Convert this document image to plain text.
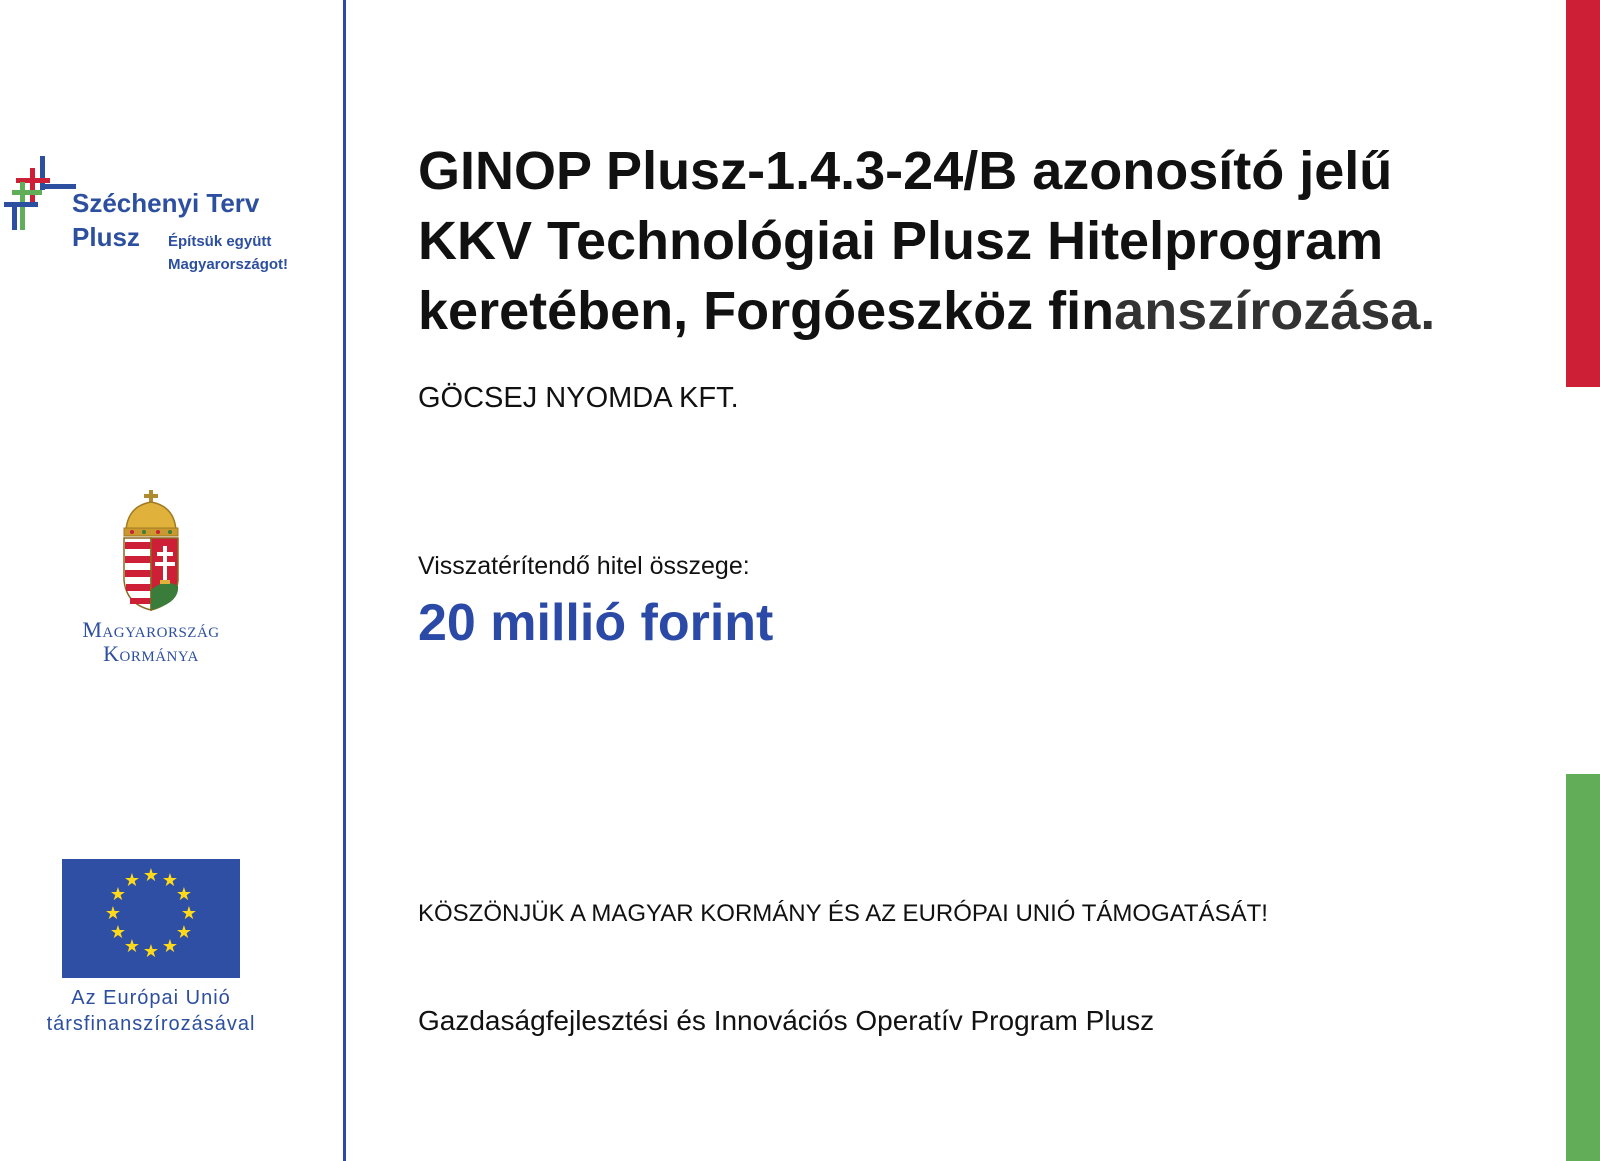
Széchenyi Terv
Plusz Építsük együtt
Magyarországot!
Magyarország
Kormánya
★ ★
★
★
★
★
★
★
★
★
★
★
Az Európai Unió
társfinanszírozásával
GINOP Plusz-1.4.3-24/B azonosító jelű
KKV Technológiai Plusz Hitelprogram
keretében, Forgóeszköz finanszírozása.
GÖCSEJ NYOMDA KFT.
Visszatérítendő hitel összege:
20 millió forint
KÖSZÖNJÜK A MAGYAR KORMÁNY ÉS AZ EURÓPAI UNIÓ TÁMOGATÁSÁT!
Gazdaságfejlesztési és Innovációs Operatív Program Plusz
